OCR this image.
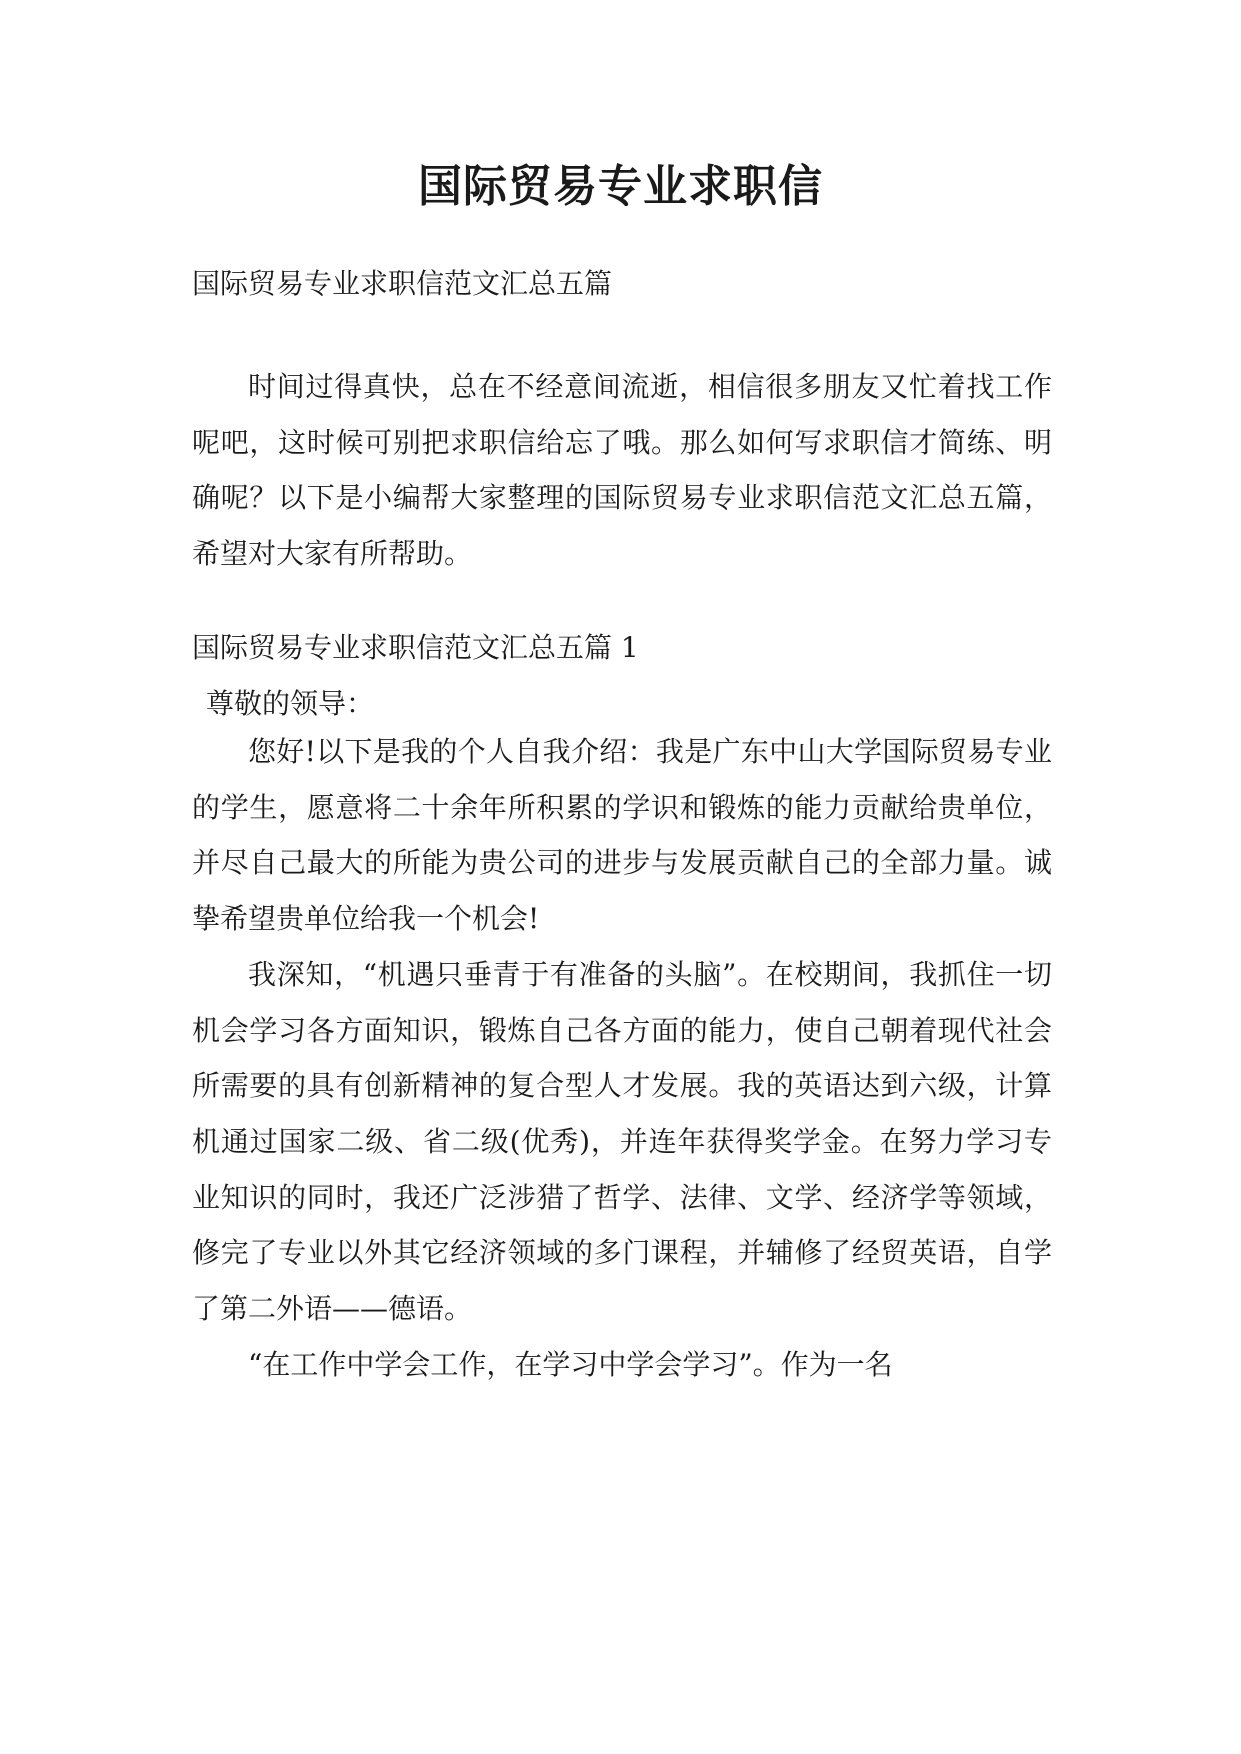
国际贸易专业求职信
国际贸易专业求职信范文汇总五篇

时间过得真快，总在不经意间流逝，相信很多朋友又忙着找工作呢吧，这时候可别把求职信给忘了哦。那么如何写求职信才简练、明确呢？以下是小编帮大家整理的国际贸易专业求职信范文汇总五篇，希望对大家有所帮助。

国际贸易专业求职信范文汇总五篇 1

尊敬的领导：

您好!以下是我的个人自我介绍：我是广东中山大学国际贸易专业的学生，愿意将二十余年所积累的学识和锻炼的能力贡献给贵单位，并尽自己最大的所能为贵公司的进步与发展贡献自己的全部力量。诚挚希望贵单位给我一个机会!

我深知，“机遇只垂青于有准备的头脑”。在校期间，我抓住一切机会学习各方面知识，锻炼自己各方面的能力，使自己朝着现代社会所需要的具有创新精神的复合型人才发展。我的英语达到六级，计算机通过国家二级、省二级(优秀)，并连年获得奖学金。在努力学习专业知识的同时，我还广泛涉猎了哲学、法律、文学、经济学等领域，修完了专业以外其它经济领域的多门课程，并辅修了经贸英语，自学了第二外语——德语。

“在工作中学会工作，在学习中学会学习”。作为一名
